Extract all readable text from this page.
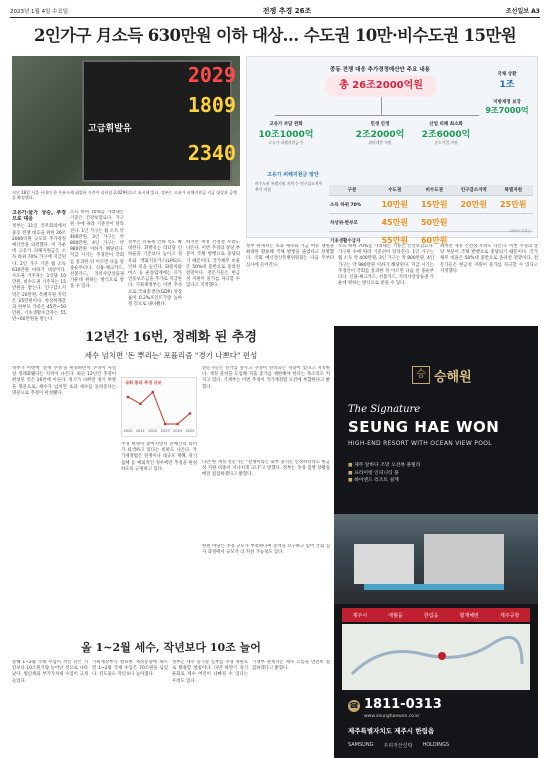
2023년 1월 4일 수요일	전쟁 추경 26조	조선일보 A3
2인가구 月소득 630만원 이하 대상… 수도권 10만·비수도권 15만원
2029
1809
고급휘발유
2340
지난 18일 서울 시내의 한 주유소에 휘발유 가격이 리터당 2,029원으로 표시돼 있다. 정부는 고유가 피해지원금 지급 대상과 금액을 확정했다.
중동 전쟁 대응 추가경정예산안 주요 내용
총 26조2000억원
고유가 부담 완화
10조1000억
고유가 피해지원금 등
민생 안정
2조2000억
취약계층 지원
산업 피해 최소화
2조6000억
중소기업 지원
국채 상환
1조
지방재정 보강
9조7000억
고유가 피해지원금 방안
비수도권 특별지원 지역 등 인구감소지역 추가 지원	구분	수도권	비수도권	인구감소지역	특별지원
소득 하위 70%	10만원	15만원	20만원	25만원
차상위·한부모	45만원	50만원		
기초생활수급자	55만원	60만원		
그래픽=김성규
고유가·물가 상승, 추경으로 대응
정부는 31일 국무회의에서 중동 전쟁 대응을 위한 26조2000억원 규모의 추가경정예산안을 의결했다. 이 가운데 고유가 피해지원금은 소득 하위 70% 가구에 지급된다. 2인 가구 기준 월 소득 630만원 이하가 대상이다. 수도권 거주자는 1인당 10만원, 비수도권 거주자는 15만원을 받는다. 인구감소지역은 20만원, 특별지원 지역은 25만원이다. 차상위계층과 한부모 가족은 45만~50만원, 기초생활수급자는 55만~60만원을 받는다.
소득 하위 70%를 가려내는 기준은 건강보험료다. 가구원 수에 따라 기준선이 달라진다. 1인 가구는 월 소득 약 400만원, 3인 가구는 약 800만원, 4인 가구는 약 980만원 이하가 해당된다. 지급 시기는 추경안이 국회를 통과한 뒤 이르면 다음 달 중순부터다. 신용·체크카드, 선불카드, 지역사랑상품권 가운데 원하는 방식으로 받을 수 있다.
정부는 유류세 인하 폭도 확대한다. 휘발유는 리터당 인하율을 기존보다 높이고 경유와 액화석유가스(LPG)도 인하 폭을 늘린다. 화물차와 버스 등 운송업계에는 유가연동보조금을 추가로 지급한다. 기획재정부는 이번 추경으로 국내총생산(GDP) 성장률이 0.2%포인트가량 높아질 것으로 내다봤다.
하지만 재정 건전성 우려도 나온다. 이번 추경의 상당 부분이 국채 발행으로 충당되기 때문이다. 국가채무 비율은 50%대 중반으로 올라설 전망이다. 전문가들은 현금성 지원이 물가를 자극할 수 있다고 지적했다.
정부 관계자는 초과 세수와 기금 여유 재원을 최대한 활용해 국채 발행을 줄였다고 설명했다. 국회 예산결산특별위원회는 다음 주부터 심사에 들어간다.
소득 하위 70%를 가려내는 기준은 건강보험료다. 가구원 수에 따라 기준선이 달라진다. 1인 가구는 월 소득 약 400만원, 3인 가구는 약 800만원, 4인 가구는 약 980만원 이하가 해당된다. 지급 시기는 추경안이 국회를 통과한 뒤 이르면 다음 달 중순부터다. 신용·체크카드, 선불카드, 지역사랑상품권 가운데 원하는 방식으로 받을 수 있다.
하지만 재정 건전성 우려도 나온다. 이번 추경의 상당 부분이 국채 발행으로 충당되기 때문이다. 국가채무 비율은 50%대 중반으로 올라설 전망이다. 전문가들은 현금성 지원이 물가를 자극할 수 있다고 지적했다.
12년간 16번, 정례화 된 추경
세수 넘치면 '돈 뿌리는' 포퓰리즘 "경기 나쁘다" 편성
정부가 이번에 '전쟁 추경'을 편성하면서 추경이 사실상 정례화됐다는 지적이 나온다. 최근 12년간 추경이 편성된 것은 16번에 이른다. 경기가 나쁘면 경기 부양을 명분으로, 세수가 넘치면 초과 세수를 돌려준다는 명분으로 추경이 편성됐다.
국회 통과 추경 규모
2020 2021 2022 2023 2024 2025
추경 편성이 잦아지면서 본예산의 의미가 퇴색하고 있다는 비판도 나온다. 국가재정법은 전쟁이나 대규모 재해, 경기 침체 등 예외적인 경우에만 추경을 편성하도록 규정하고 있다.
전문가들은 선거를 앞두고 추경이 반복되는 경향이 있다고 지적한다. 재정 준칙을 도입해 지출 증가를 제한해야 한다는 목소리도 커지고 있다. 기재부는 이번 추경이 국가재정법 요건에 부합한다고 밝혔다.
다만 한 재정 전문가는 "전쟁이라는 외부 충격은 인정하더라도 현금성 지원 비중이 지나치게 크다"고 말했다. 정부는 추경 집행 상황을 매달 점검하겠다고 밝혔다.
한편 야당은 추경 규모가 부족하다며 증액을 요구하고 있어 국회 심사 과정에서 규모가 더 커질 가능성도 있다.
올 1~2월 세수, 작년보다 10조 늘어
올해 1~2월 국세 수입이 작년 같은 기간보다 10조원가량 늘어난 것으로 나타났다. 법인세와 부가가치세 수입이 크게 늘었다.
기획재정부가 발표한 재정동향에 따르면 1~2월 국세 수입은 70조원을 넘었다. 진도율도 작년보다 높아졌다.
정부는 세수 증가분 일부를 추경 재원으로 활용할 방침이다. 다만 하반기 경기 둔화로 세수 여건이 나빠질 수 있다는 우려도 있다.
기재부 관계자는 세수 흐름을 면밀히 점검하겠다고 밝혔다.
승 승해원
The Signature
SEUNG HAE WON
HIGH-END RESORT WITH OCEAN VIEW POOL
■ 제주 앞바다 조망 오션뷰 풀빌라
■ 프라이빗 인피니티 풀
■ 하이엔드 리조트 설계
제주시	애월읍	한림읍	협재해변	제주공항
☎ 1811-0313
www.seunghaewon.co.kr
제주특별자치도 제주시 한림읍
SAMSUNG 우리자산신탁 HOLDINGS
